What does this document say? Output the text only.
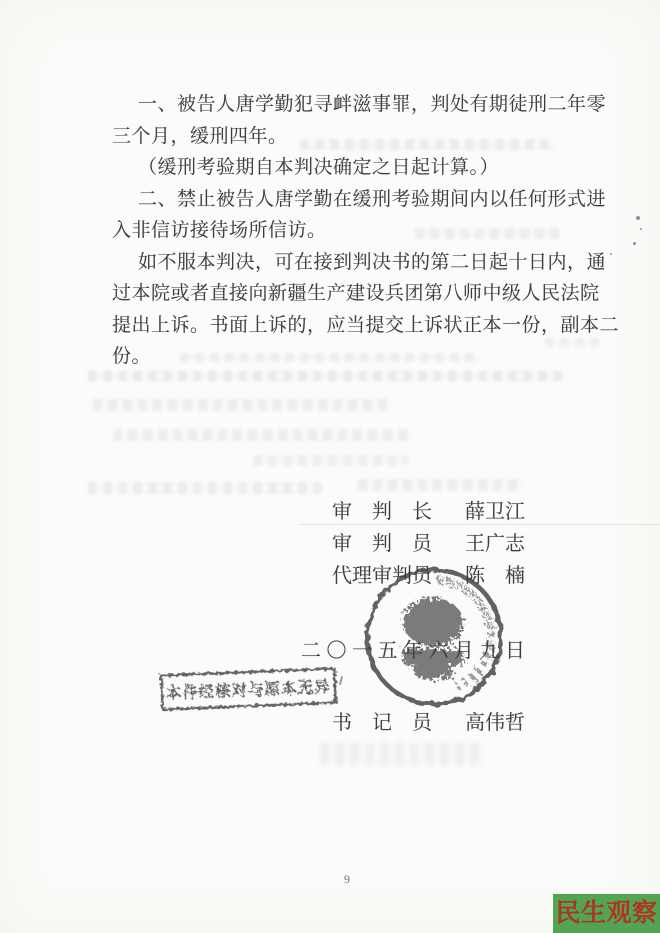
一、被告人唐学勤犯寻衅滋事罪，判处有期徒刑二年零
三个月，缓刑四年。
（缓刑考验期自本判决确定之日起计算。）
二、禁止被告人唐学勤在缓刑考验期间内以任何形式进
入非信访接待场所信访。
如不服本判决，可在接到判决书的第二日起十日内，通
过本院或者直接向新疆生产建设兵团第八师中级人民法院
提出上诉。书面上诉的，应当提交上诉状正本一份，副本二
份。
审　判　长 薛卫江
审　判　员 王广志
代理审判员 陈　楠
二〇一五年六月九日
本件经核对与原本无异
书　记　员 高伟哲
9
民生观察
